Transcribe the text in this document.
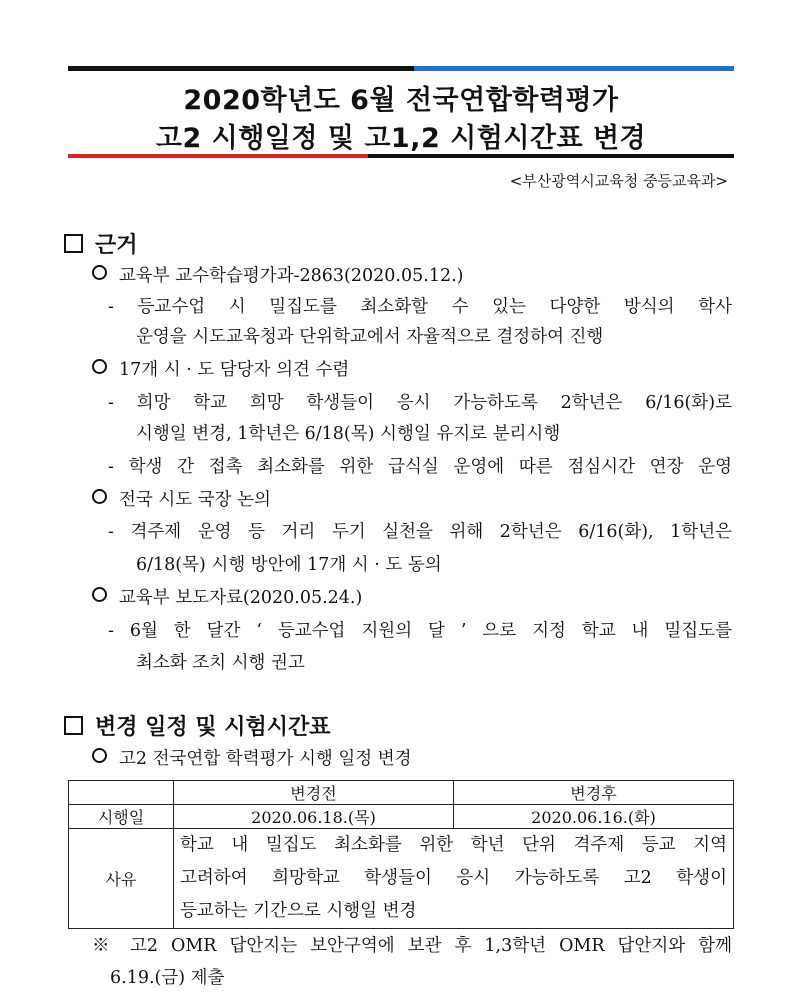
2020학년도 6월 전국연합학력평가
고2 시행일정 및 고1,2 시험시간표 변경
<부산광역시교육청 중등교육과>
근거
교육부 교수학습평가과-2863(2020.05.12.)
- 등교수업 시 밀집도를 최소화할 수 있는 다양한 방식의 학사
운영을 시도교육청과 단위학교에서 자율적으로 결정하여 진행
17개 시 · 도 담당자 의견 수렴
- 희망 학교 희망 학생들이 응시 가능하도록 2학년은 6/16(화)로
시행일 변경, 1학년은 6/18(목) 시행일 유지로 분리시행
- 학생 간 접촉 최소화를 위한 급식실 운영에 따른 점심시간 연장 운영
전국 시도 국장 논의
- 격주제 운영 등 거리 두기 실천을 위해 2학년은 6/16(화), 1학년은
6/18(목) 시행 방안에 17개 시 · 도 동의
교육부 보도자료(2020.05.24.)
- 6월 한 달간 ‘ 등교수업 지원의 달 ’ 으로 지정 학교 내 밀집도를
최소화 조치 시행 권고
변경 일정 및 시험시간표
고2 전국연합 학력평가 시행 일정 변경
	변경전	변경후
시행일	2020.06.18.(목)	2020.06.16.(화)
사유	학교 내 밀집도 최소화를 위한 학년 단위 격주제 등교 지역
고려하여 희망학교 학생들이 응시 가능하도록 고2 학생이
등교하는 기간으로 시행일 변경	
※ 고2 OMR 답안지는 보안구역에 보관 후 1,3학년 OMR 답안지와 함께
6.19.(금) 제출
